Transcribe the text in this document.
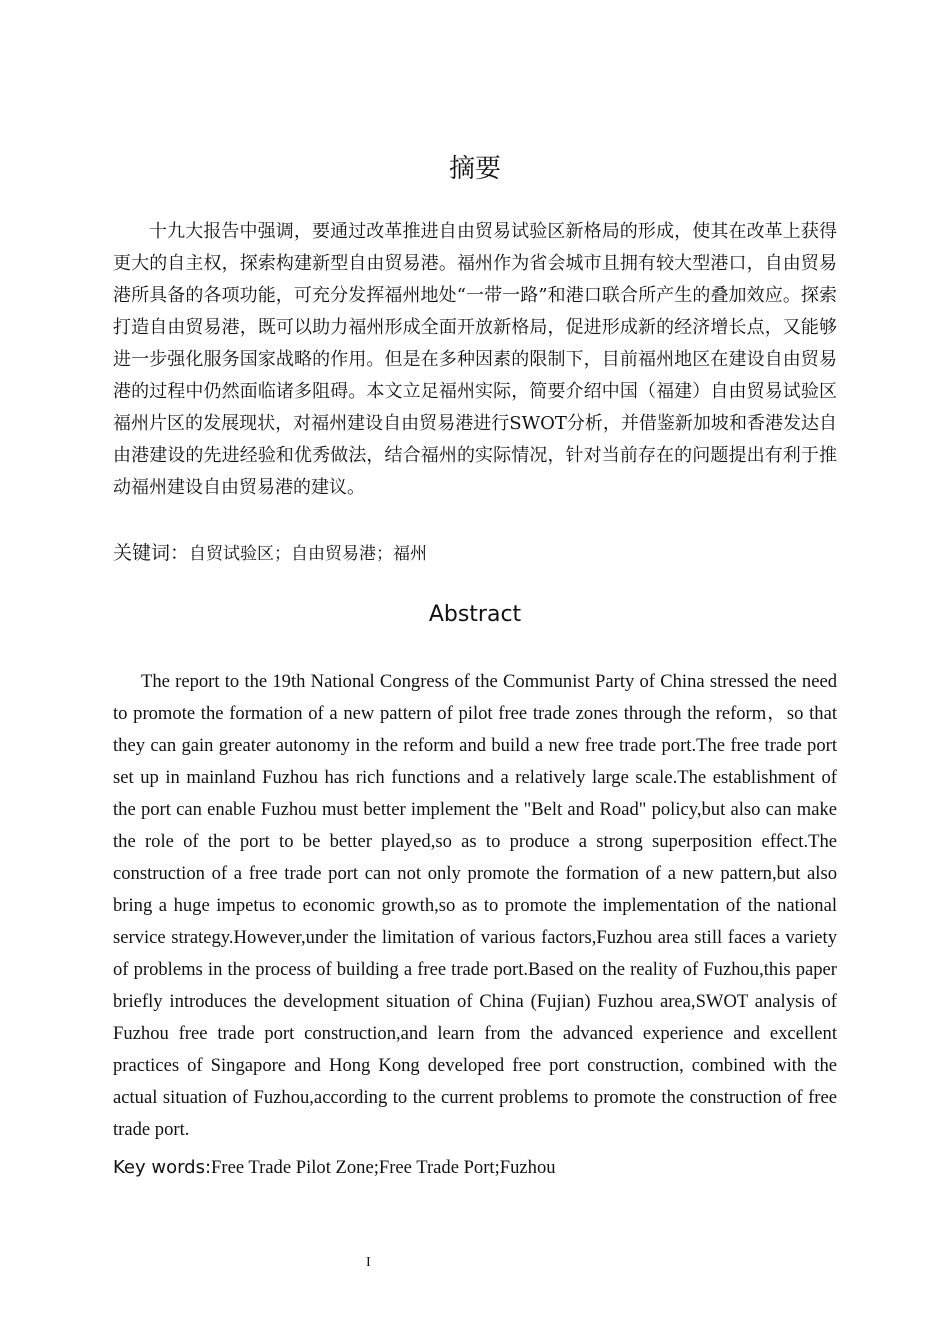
摘要

十九大报告中强调，要通过改革推进自由贸易试验区新格局的形成，使其在改革上获得更大的自主权，探索构建新型自由贸易港。福州作为省会城市且拥有较大型港口，自由贸易港所具备的各项功能，可充分发挥福州地处“一带一路”和港口联合所产生的叠加效应。探索打造自由贸易港，既可以助力福州形成全面开放新格局，促进形成新的经济增长点，又能够进一步强化服务国家战略的作用。但是在多种因素的限制下，目前福州地区在建设自由贸易港的过程中仍然面临诸多阻碍。本文立足福州实际，简要介绍中国（福建）自由贸易试验区福州片区的发展现状，对福州建设自由贸易港进行SWOT分析，并借鉴新加坡和香港发达自由港建设的先进经验和优秀做法，结合福州的实际情况，针对当前存在的问题提出有利于推动福州建设自由贸易港的建议。

关键词：自贸试验区；自由贸易港；福州
Abstract

The report to the 19th National Congress of the Communist Party of China stressed the need to promote the formation of a new pattern of pilot free trade zones through the reform，so that they can gain greater autonomy in the reform and build a new free trade port.The free trade port set up in mainland Fuzhou has rich functions and a relatively large scale.The establishment of the port can enable Fuzhou must better implement the "Belt and Road" policy,but also can make the role of the port to be better played,so as to produce a strong superposition effect.The construction of a free trade port can not only promote the formation of a new pattern,but also bring a huge impetus to economic growth,so as to promote the implementation of the national service strategy.However,under the limitation of various factors,Fuzhou area still faces a variety of problems in the process of building a free trade port.Based on the reality of Fuzhou,this paper briefly introduces the development situation of China (Fujian) Fuzhou area,SWOT analysis of Fuzhou free trade port construction,and learn from the advanced experience and excellent practices of Singapore and Hong Kong developed free port construction, combined with the actual situation of Fuzhou,according to the current problems to promote the construction of free trade port.

Key words:Free Trade Pilot Zone;Free Trade Port;Fuzhou
I
